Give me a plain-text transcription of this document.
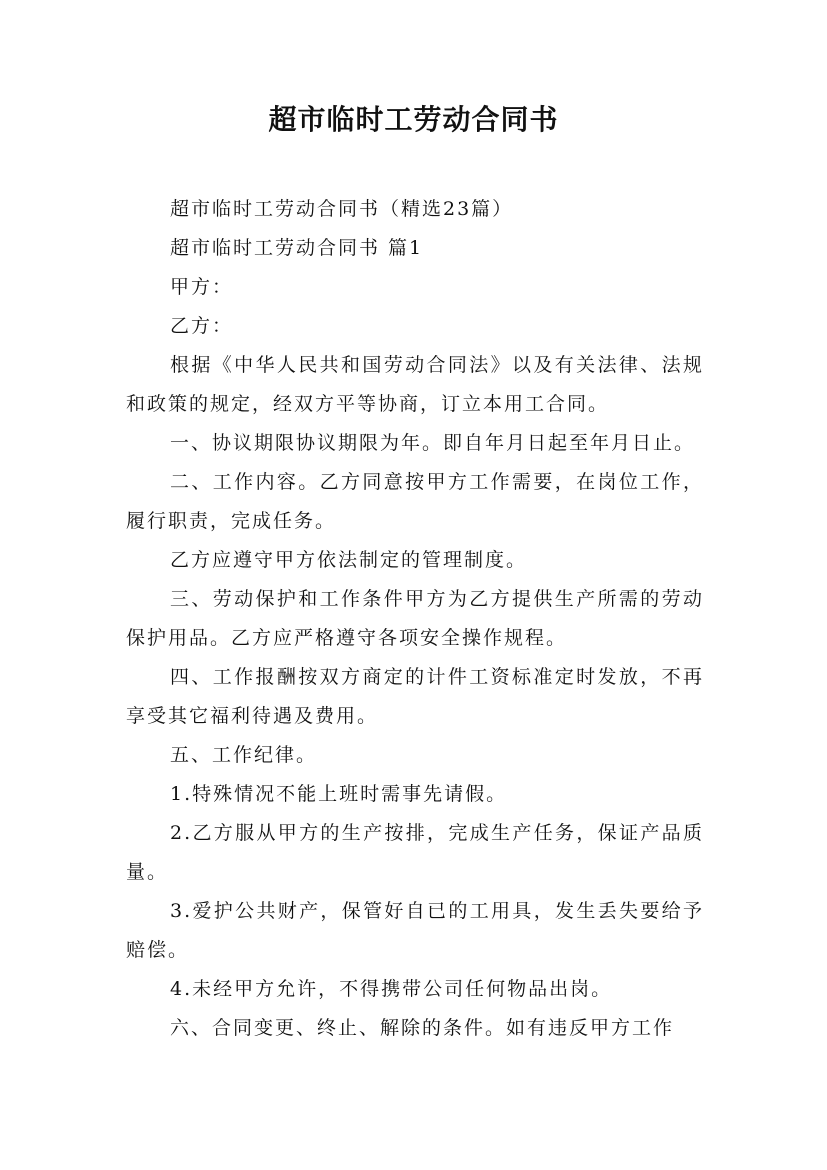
超市临时工劳动合同书

超市临时工劳动合同书（精选23篇）

超市临时工劳动合同书 篇1

甲方：

乙方：

根据《中华人民共和国劳动合同法》以及有关法律、法规和政策的规定，经双方平等协商，订立本用工合同。

一、协议期限协议期限为年。即自年月日起至年月日止。

二、工作内容。乙方同意按甲方工作需要，在岗位工作，履行职责，完成任务。

乙方应遵守甲方依法制定的管理制度。

三、劳动保护和工作条件甲方为乙方提供生产所需的劳动保护用品。乙方应严格遵守各项安全操作规程。

四、工作报酬按双方商定的计件工资标准定时发放，不再享受其它福利待遇及费用。

五、工作纪律。

1.特殊情况不能上班时需事先请假。

2.乙方服从甲方的生产按排，完成生产任务，保证产品质量。

3.爱护公共财产，保管好自已的工用具，发生丢失要给予赔偿。

4.未经甲方允许，不得携带公司任何物品出岗。

六、合同变更、终止、解除的条件。如有违反甲方工作
